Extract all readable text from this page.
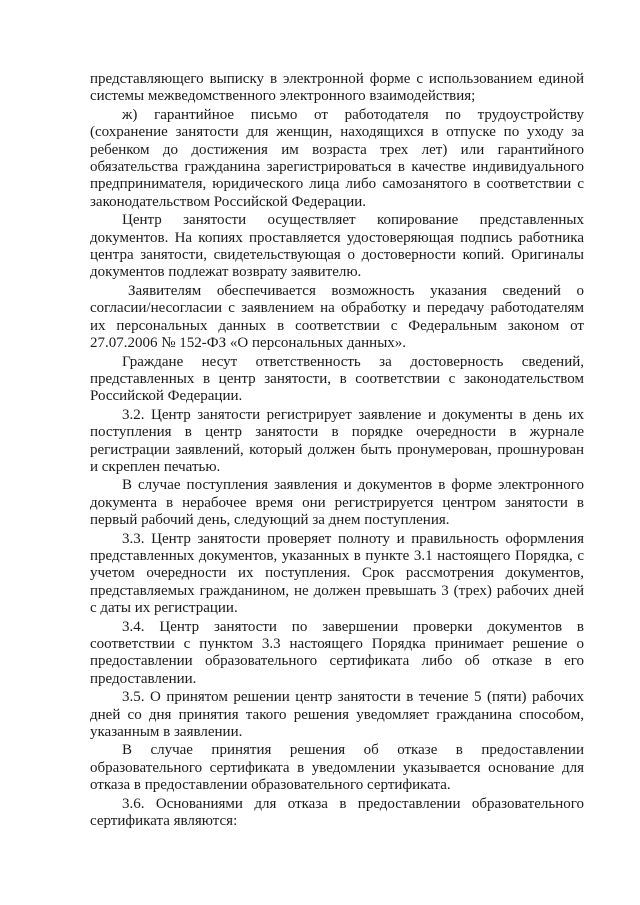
представляющего выписку в электронной форме с использованием единой системы межведомственного электронного взаимодействия;

ж) гарантийное письмо от работодателя по трудоустройству (сохранение занятости для женщин, находящихся в отпуске по уходу за ребенком до достижения им возраста трех лет) или гарантийного обязательства гражданина зарегистрироваться в качестве индивидуального предпринимателя, юридического лица либо самозанятого в соответствии с законодательством Российской Федерации.

Центр занятости осуществляет копирование представленных документов. На копиях проставляется удостоверяющая подпись работника центра занятости, свидетельствующая о достоверности копий. Оригиналы документов подлежат возврату заявителю.

Заявителям обеспечивается возможность указания сведений о согласии/несогласии с заявлением на обработку и передачу работодателям их персональных данных в соответствии с Федеральным законом от 27.07.2006 № 152-ФЗ «О персональных данных».

Граждане несут ответственность за достоверность сведений, представленных в центр занятости, в соответствии с законодательством Российской Федерации.

3.2. Центр занятости регистрирует заявление и документы в день их поступления в центр занятости в порядке очередности в журнале регистрации заявлений, который должен быть пронумерован, прошнурован и скреплен печатью.

В случае поступления заявления и документов в форме электронного документа в нерабочее время они регистрируется центром занятости в первый рабочий день, следующий за днем поступления.

3.3. Центр занятости проверяет полноту и правильность оформления представленных документов, указанных в пункте 3.1 настоящего Порядка, с учетом очередности их поступления. Срок рассмотрения документов, представляемых гражданином, не должен превышать 3 (трех) рабочих дней с даты их регистрации.

3.4. Центр занятости по завершении проверки документов в соответствии с пунктом 3.3 настоящего Порядка принимает решение о предоставлении образовательного сертификата либо об отказе в его предоставлении.

3.5. О принятом решении центр занятости в течение 5 (пяти) рабочих дней со дня принятия такого решения уведомляет гражданина способом, указанным в заявлении.

В случае принятия решения об отказе в предоставлении образовательного сертификата в уведомлении указывается основание для отказа в предоставлении образовательного сертификата.

3.6. Основаниями для отказа в предоставлении образовательного сертификата являются:
